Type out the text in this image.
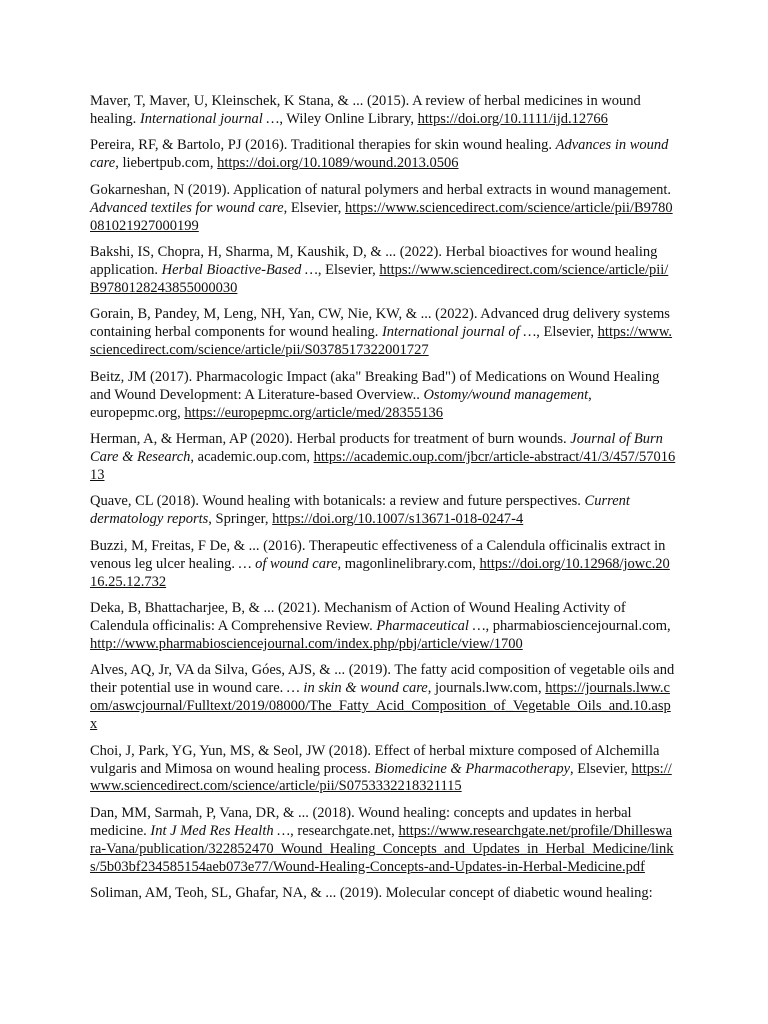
Maver, T, Maver, U, Kleinschek, K Stana, & ... (2015). A review of herbal medicines in wound healing. International journal …, Wiley Online Library, https://doi.org/10.1111/ijd.12766

Pereira, RF, & Bartolo, PJ (2016). Traditional therapies for skin wound healing. Advances in wound care, liebertpub.com, https://doi.org/10.1089/wound.2013.0506

Gokarneshan, N (2019). Application of natural polymers and herbal extracts in wound management. Advanced textiles for wound care, Elsevier, https://www.sciencedirect.com/science/article/pii/B9780081021927000199

Bakshi, IS, Chopra, H, Sharma, M, Kaushik, D, & ... (2022). Herbal bioactives for wound healing application. Herbal Bioactive-Based …, Elsevier, https://www.sciencedirect.com/science/article/pii/B9780128243855000030

Gorain, B, Pandey, M, Leng, NH, Yan, CW, Nie, KW, & ... (2022). Advanced drug delivery systems containing herbal components for wound healing. International journal of …, Elsevier, https://www.sciencedirect.com/science/article/pii/S0378517322001727

Beitz, JM (2017). Pharmacologic Impact (aka" Breaking Bad") of Medications on Wound Healing and Wound Development: A Literature-based Overview.. Ostomy/wound management, europepmc.org, https://europepmc.org/article/med/28355136

Herman, A, & Herman, AP (2020). Herbal products for treatment of burn wounds. Journal of Burn Care & Research, academic.oup.com, https://academic.oup.com/jbcr/article-abstract/41/3/457/5701613

Quave, CL (2018). Wound healing with botanicals: a review and future perspectives. Current dermatology reports, Springer, https://doi.org/10.1007/s13671-018-0247-4

Buzzi, M, Freitas, F De, & ... (2016). Therapeutic effectiveness of a Calendula officinalis extract in venous leg ulcer healing. … of wound care, magonlinelibrary.com, https://doi.org/10.12968/jowc.2016.25.12.732

Deka, B, Bhattacharjee, B, & ... (2021). Mechanism of Action of Wound Healing Activity of Calendula officinalis: A Comprehensive Review. Pharmaceutical …, pharmabiosciencejournal.com, http://www.pharmabiosciencejournal.com/index.php/pbj/article/view/1700

Alves, AQ, Jr, VA da Silva, Góes, AJS, & ... (2019). The fatty acid composition of vegetable oils and their potential use in wound care. … in skin & wound care, journals.lww.com, https://journals.lww.com/aswcjournal/Fulltext/2019/08000/The_Fatty_Acid_Composition_of_Vegetable_Oils_and.10.aspx

Choi, J, Park, YG, Yun, MS, & Seol, JW (2018). Effect of herbal mixture composed of Alchemilla vulgaris and Mimosa on wound healing process. Biomedicine & Pharmacotherapy, Elsevier, https://www.sciencedirect.com/science/article/pii/S0753332218321115

Dan, MM, Sarmah, P, Vana, DR, & ... (2018). Wound healing: concepts and updates in herbal medicine. Int J Med Res Health …, researchgate.net, https://www.researchgate.net/profile/Dhilleswara-Vana/publication/322852470_Wound_Healing_Concepts_and_Updates_in_Herbal_Medicine/links/5b03bf234585154aeb073e77/Wound-Healing-Concepts-and-Updates-in-Herbal-Medicine.pdf

Soliman, AM, Teoh, SL, Ghafar, NA, & ... (2019). Molecular concept of diabetic wound healing:
